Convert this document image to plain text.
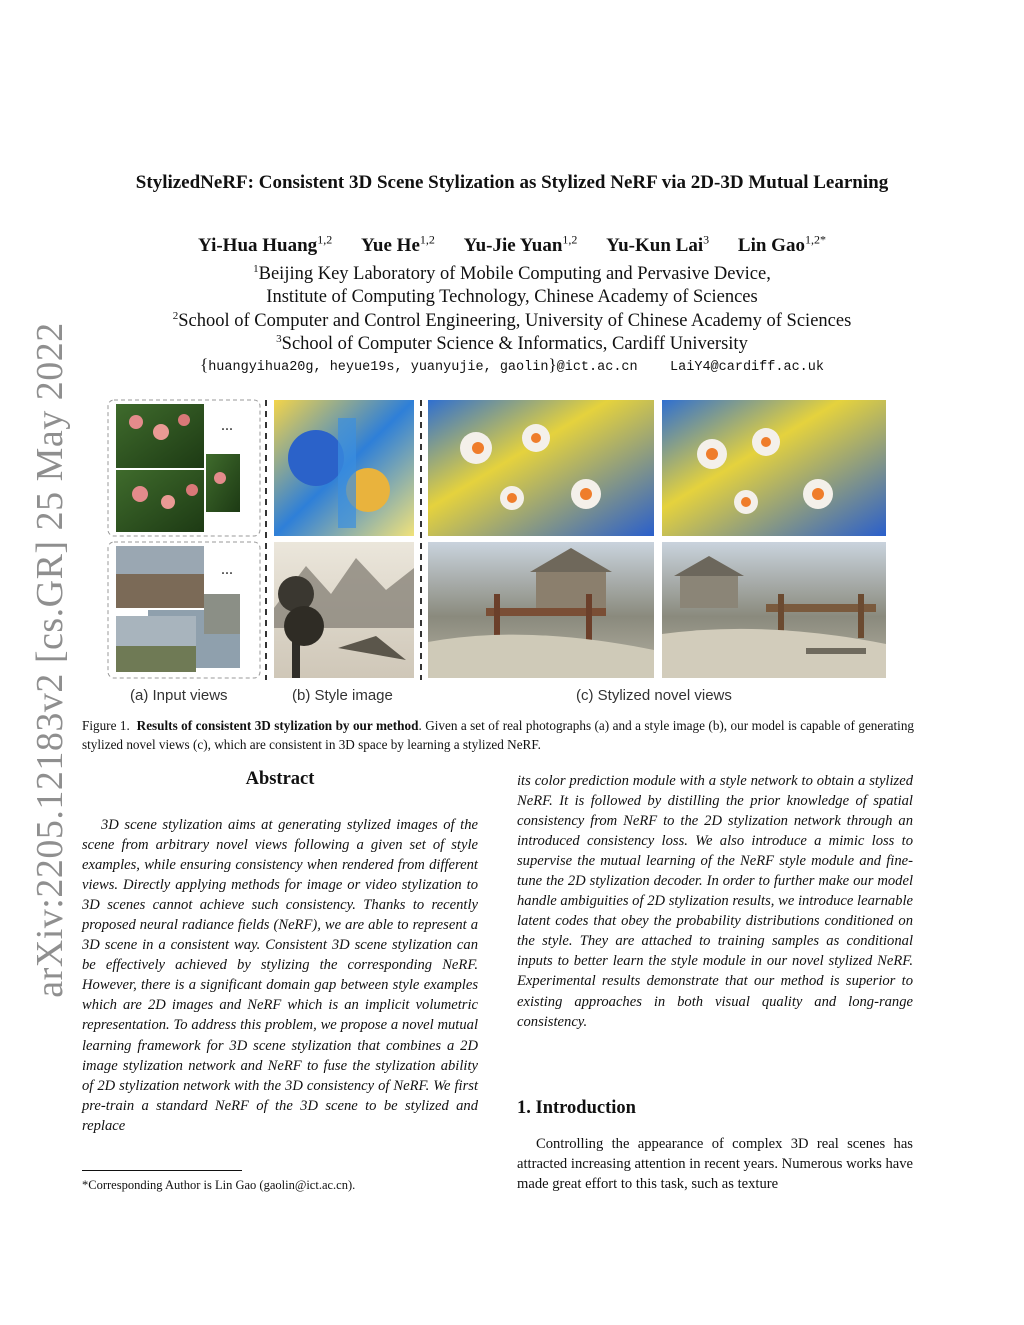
arXiv:2205.12183v2 [cs.GR] 25 May 2022
StylizedNeRF: Consistent 3D Scene Stylization as Stylized NeRF via 2D-3D Mutual Learning
Yi-Hua Huang$^{1,2}$ Yue He$^{1,2}$ Yu-Jie Yuan$^{1,2}$ Yu-Kun Lai$^3$ Lin Gao$^{1,2*}$
$^1$Beijing Key Laboratory of Mobile Computing and Pervasive Device,
Institute of Computing Technology, Chinese Academy of Sciences
$^2$School of Computer and Control Engineering, University of Chinese Academy of Sciences
$^3$School of Computer Science & Informatics, Cardiff University
{huangyihua20g, heyue19s, yuanyujie, gaolin}@ict.ac.cn LaiY4@cardiff.ac.uk
...
...
(a) Input views	(b) Style image	(c) Stylized novel views
Figure 1. Results of consistent 3D stylization by our method. Given a set of real photographs (a) and a style image (b), our model is capable of generating stylized novel views (c), which are consistent in 3D space by learning a stylized NeRF.
Abstract
3D scene stylization aims at generating stylized images of the scene from arbitrary novel views following a given set of style examples, while ensuring consistency when rendered from different views. Directly applying methods for image or video stylization to 3D scenes cannot achieve such consistency. Thanks to recently proposed neural radiance fields (NeRF), we are able to represent a 3D scene in a consistent way. Consistent 3D scene stylization can be effectively achieved by stylizing the corresponding NeRF. However, there is a significant domain gap between style examples which are 2D images and NeRF which is an implicit volumetric representation. To address this problem, we propose a novel mutual learning framework for 3D scene stylization that combines a 2D image stylization network and NeRF to fuse the stylization ability of 2D stylization network with the 3D consistency of NeRF. We first pre-train a standard NeRF of the 3D scene to be stylized and replace
*Corresponding Author is Lin Gao (gaolin@ict.ac.cn).
its color prediction module with a style network to obtain a stylized NeRF. It is followed by distilling the prior knowledge of spatial consistency from NeRF to the 2D stylization network through an introduced consistency loss. We also introduce a mimic loss to supervise the mutual learning of the NeRF style module and fine-tune the 2D stylization decoder. In order to further make our model handle ambiguities of 2D stylization results, we introduce learnable latent codes that obey the probability distributions conditioned on the style. They are attached to training samples as conditional inputs to better learn the style module in our novel stylized NeRF. Experimental results demonstrate that our method is superior to existing approaches in both visual quality and long-range consistency.
1. Introduction
Controlling the appearance of complex 3D real scenes has attracted increasing attention in recent years. Numerous works have made great effort to this task, such as texture
